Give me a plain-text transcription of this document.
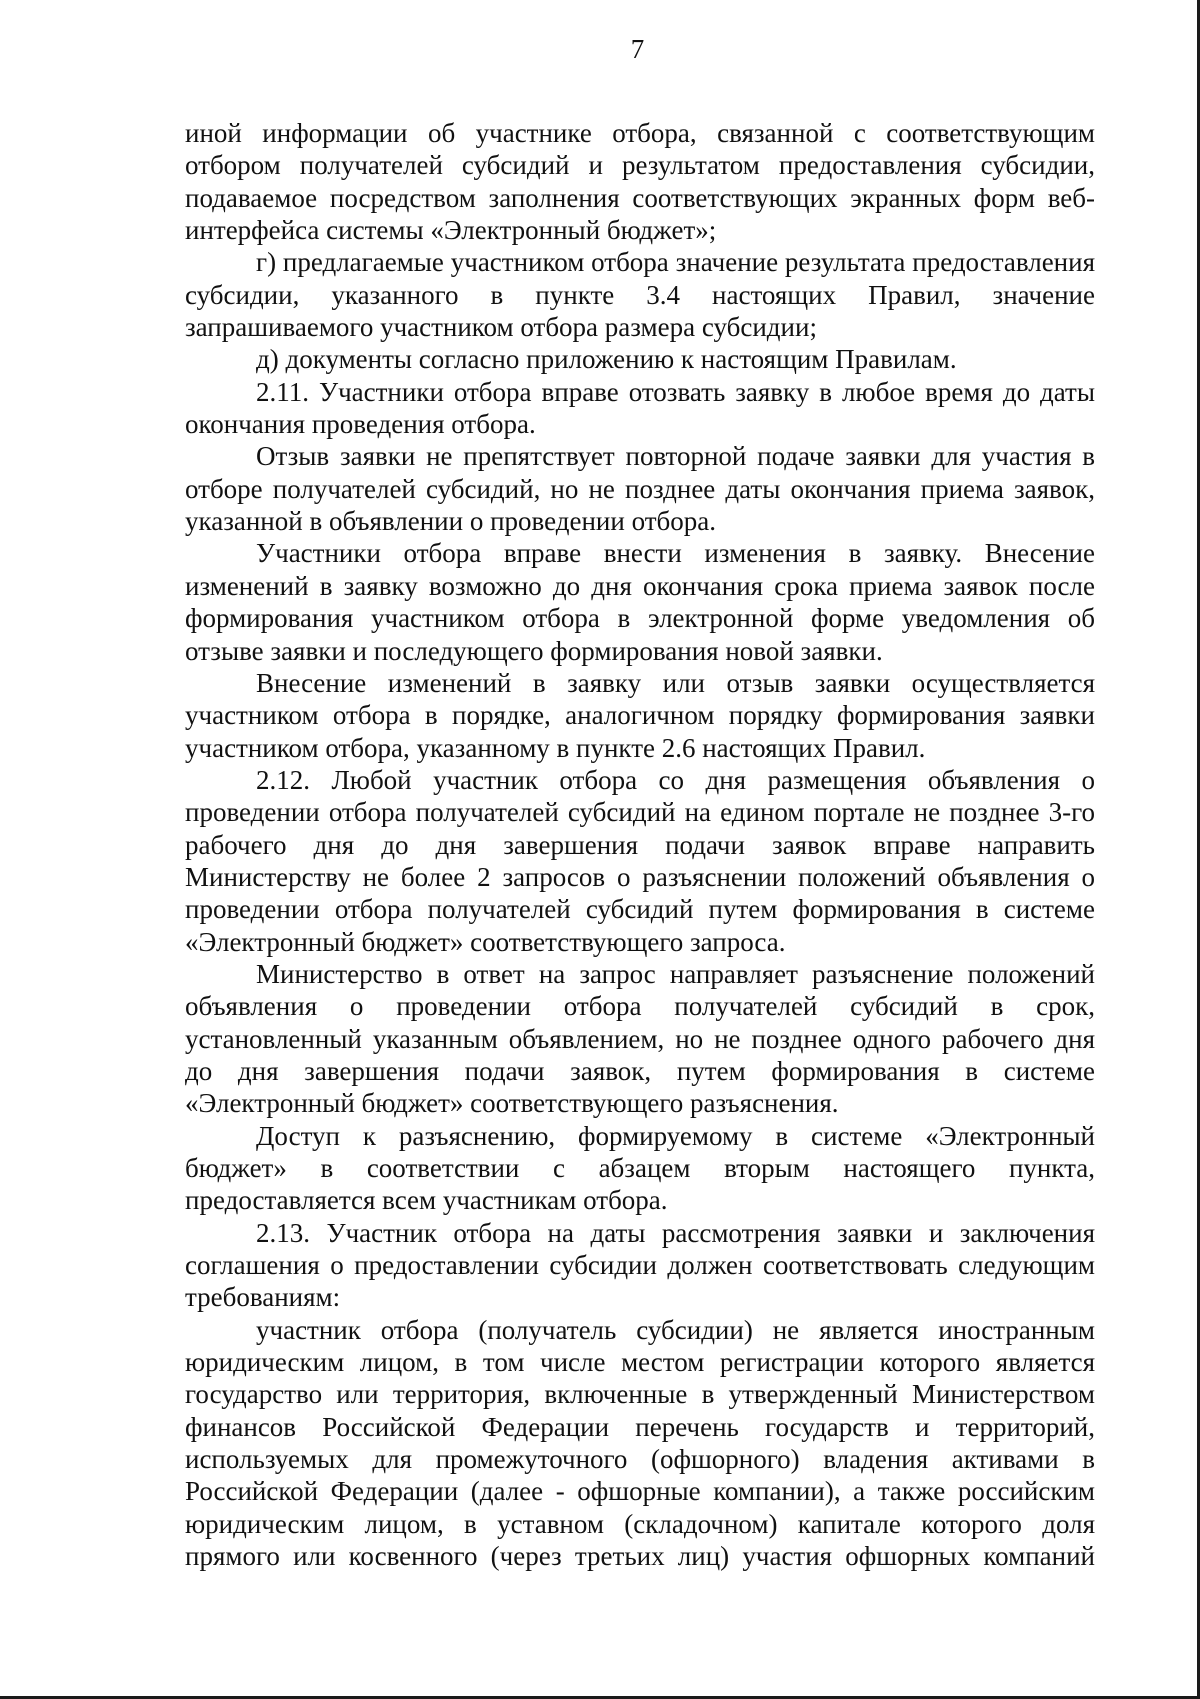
7

иной информации об участнике отбора, связанной с соответствующим отбором получателей субсидий и результатом предоставления субсидии, подаваемое посредством заполнения соответствующих экранных форм веб-интерфейса системы «Электронный бюджет»;

г) предлагаемые участником отбора значение результата предоставления субсидии, указанного в пункте 3.4 настоящих Правил, значение запрашиваемого участником отбора размера субсидии;

д) документы согласно приложению к настоящим Правилам.

2.11. Участники отбора вправе отозвать заявку в любое время до даты окончания проведения отбора.

Отзыв заявки не препятствует повторной подаче заявки для участия в отборе получателей субсидий, но не позднее даты окончания приема заявок, указанной в объявлении о проведении отбора.

Участники отбора вправе внести изменения в заявку. Внесение изменений в заявку возможно до дня окончания срока приема заявок после формирования участником отбора в электронной форме уведомления об отзыве заявки и последующего формирования новой заявки.

Внесение изменений в заявку или отзыв заявки осуществляется участником отбора в порядке, аналогичном порядку формирования заявки участником отбора, указанному в пункте 2.6 настоящих Правил.

2.12. Любой участник отбора со дня размещения объявления о проведении отбора получателей субсидий на едином портале не позднее 3-го рабочего дня до дня завершения подачи заявок вправе направить Министерству не более 2 запросов о разъяснении положений объявления о проведении отбора получателей субсидий путем формирования в системе «Электронный бюджет» соответствующего запроса.

Министерство в ответ на запрос направляет разъяснение положений объявления о проведении отбора получателей субсидий в срок, установленный указанным объявлением, но не позднее одного рабочего дня до дня завершения подачи заявок, путем формирования в системе «Электронный бюджет» соответствующего разъяснения.

Доступ к разъяснению, формируемому в системе «Электронный бюджет» в соответствии с абзацем вторым настоящего пункта, предоставляется всем участникам отбора.

2.13. Участник отбора на даты рассмотрения заявки и заключения соглашения о предоставлении субсидии должен соответствовать следующим требованиям:

участник отбора (получатель субсидии) не является иностранным юридическим лицом, в том числе местом регистрации которого является государство или территория, включенные в утвержденный Министерством финансов Российской Федерации перечень государств и территорий, используемых для промежуточного (офшорного) владения активами в Российской Федерации (далее - офшорные компании), а также российским юридическим лицом, в уставном (складочном) капитале которого доля прямого или косвенного (через третьих лиц) участия офшорных компаний
